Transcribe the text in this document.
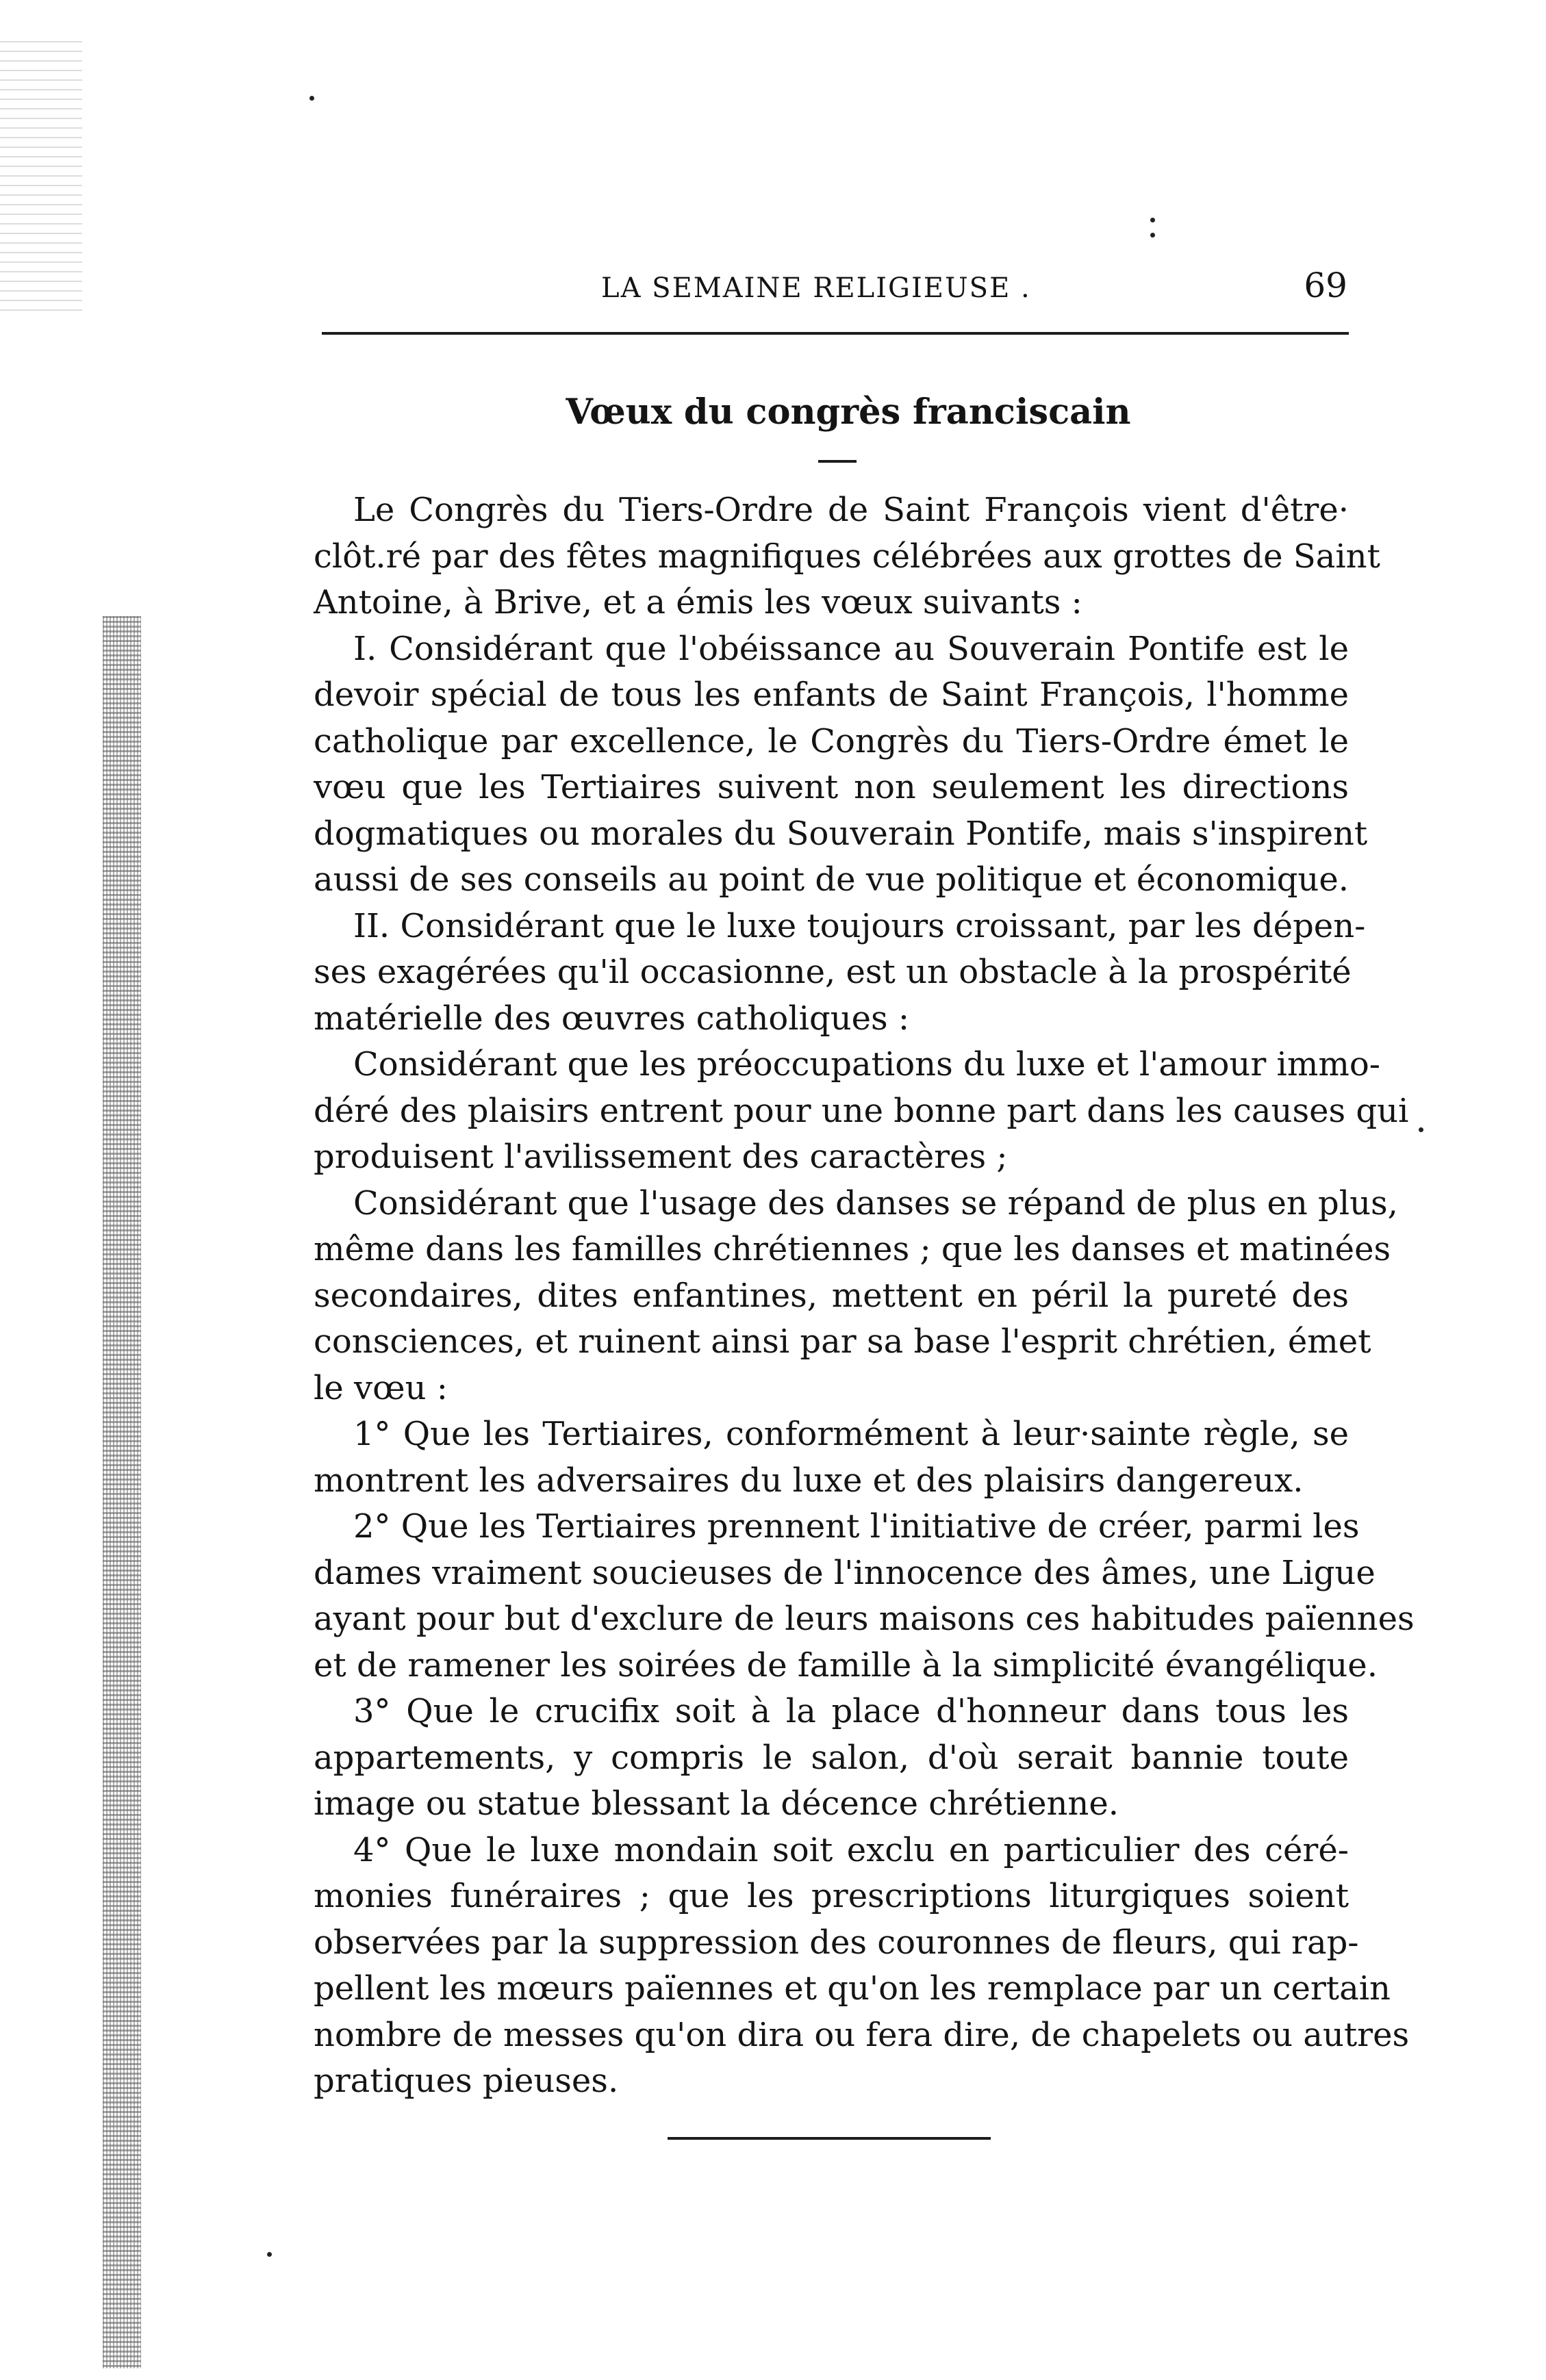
LA SEMAINE RELIGIEUSE .	69
Vœux du congrès franciscain
Le Congrès du Tiers-Ordre de Saint François vient d'être·
clôt.ré par des fêtes magnifiques célébrées aux grottes de Saint
Antoine, à Brive, et a émis les vœux suivants :
I. Considérant que l'obéissance au Souverain Pontife est le
devoir spécial de tous les enfants de Saint François, l'homme
catholique par excellence, le Congrès du Tiers-Ordre émet le
vœu que les Tertiaires suivent non seulement les directions
dogmatiques ou morales du Souverain Pontife, mais s'inspirent
aussi de ses conseils au point de vue politique et économique.
II. Considérant que le luxe toujours croissant, par les dépen-
ses exagérées qu'il occasionne, est un obstacle à la prospérité
matérielle des œuvres catholiques :
Considérant que les préoccupations du luxe et l'amour immo-
déré des plaisirs entrent pour une bonne part dans les causes qui
produisent l'avilissement des caractères ;
Considérant que l'usage des danses se répand de plus en plus,
même dans les familles chrétiennes ; que les danses et matinées
secondaires, dites enfantines, mettent en péril la pureté des
consciences, et ruinent ainsi par sa base l'esprit chrétien, émet
le vœu :
1° Que les Tertiaires, conformément à leur·sainte règle, se
montrent les adversaires du luxe et des plaisirs dangereux.
2° Que les Tertiaires prennent l'initiative de créer, parmi les
dames vraiment soucieuses de l'innocence des âmes, une Ligue
ayant pour but d'exclure de leurs maisons ces habitudes païennes
et de ramener les soirées de famille à la simplicité évangélique.
3° Que le crucifix soit à la place d'honneur dans tous les
appartements, y compris le salon, d'où serait bannie toute
image ou statue blessant la décence chrétienne.
4° Que le luxe mondain soit exclu en particulier des céré-
monies funéraires ; que les prescriptions liturgiques soient
observées par la suppression des couronnes de fleurs, qui rap-
pellent les mœurs païennes et qu'on les remplace par un certain
nombre de messes qu'on dira ou fera dire, de chapelets ou autres
pratiques pieuses.
